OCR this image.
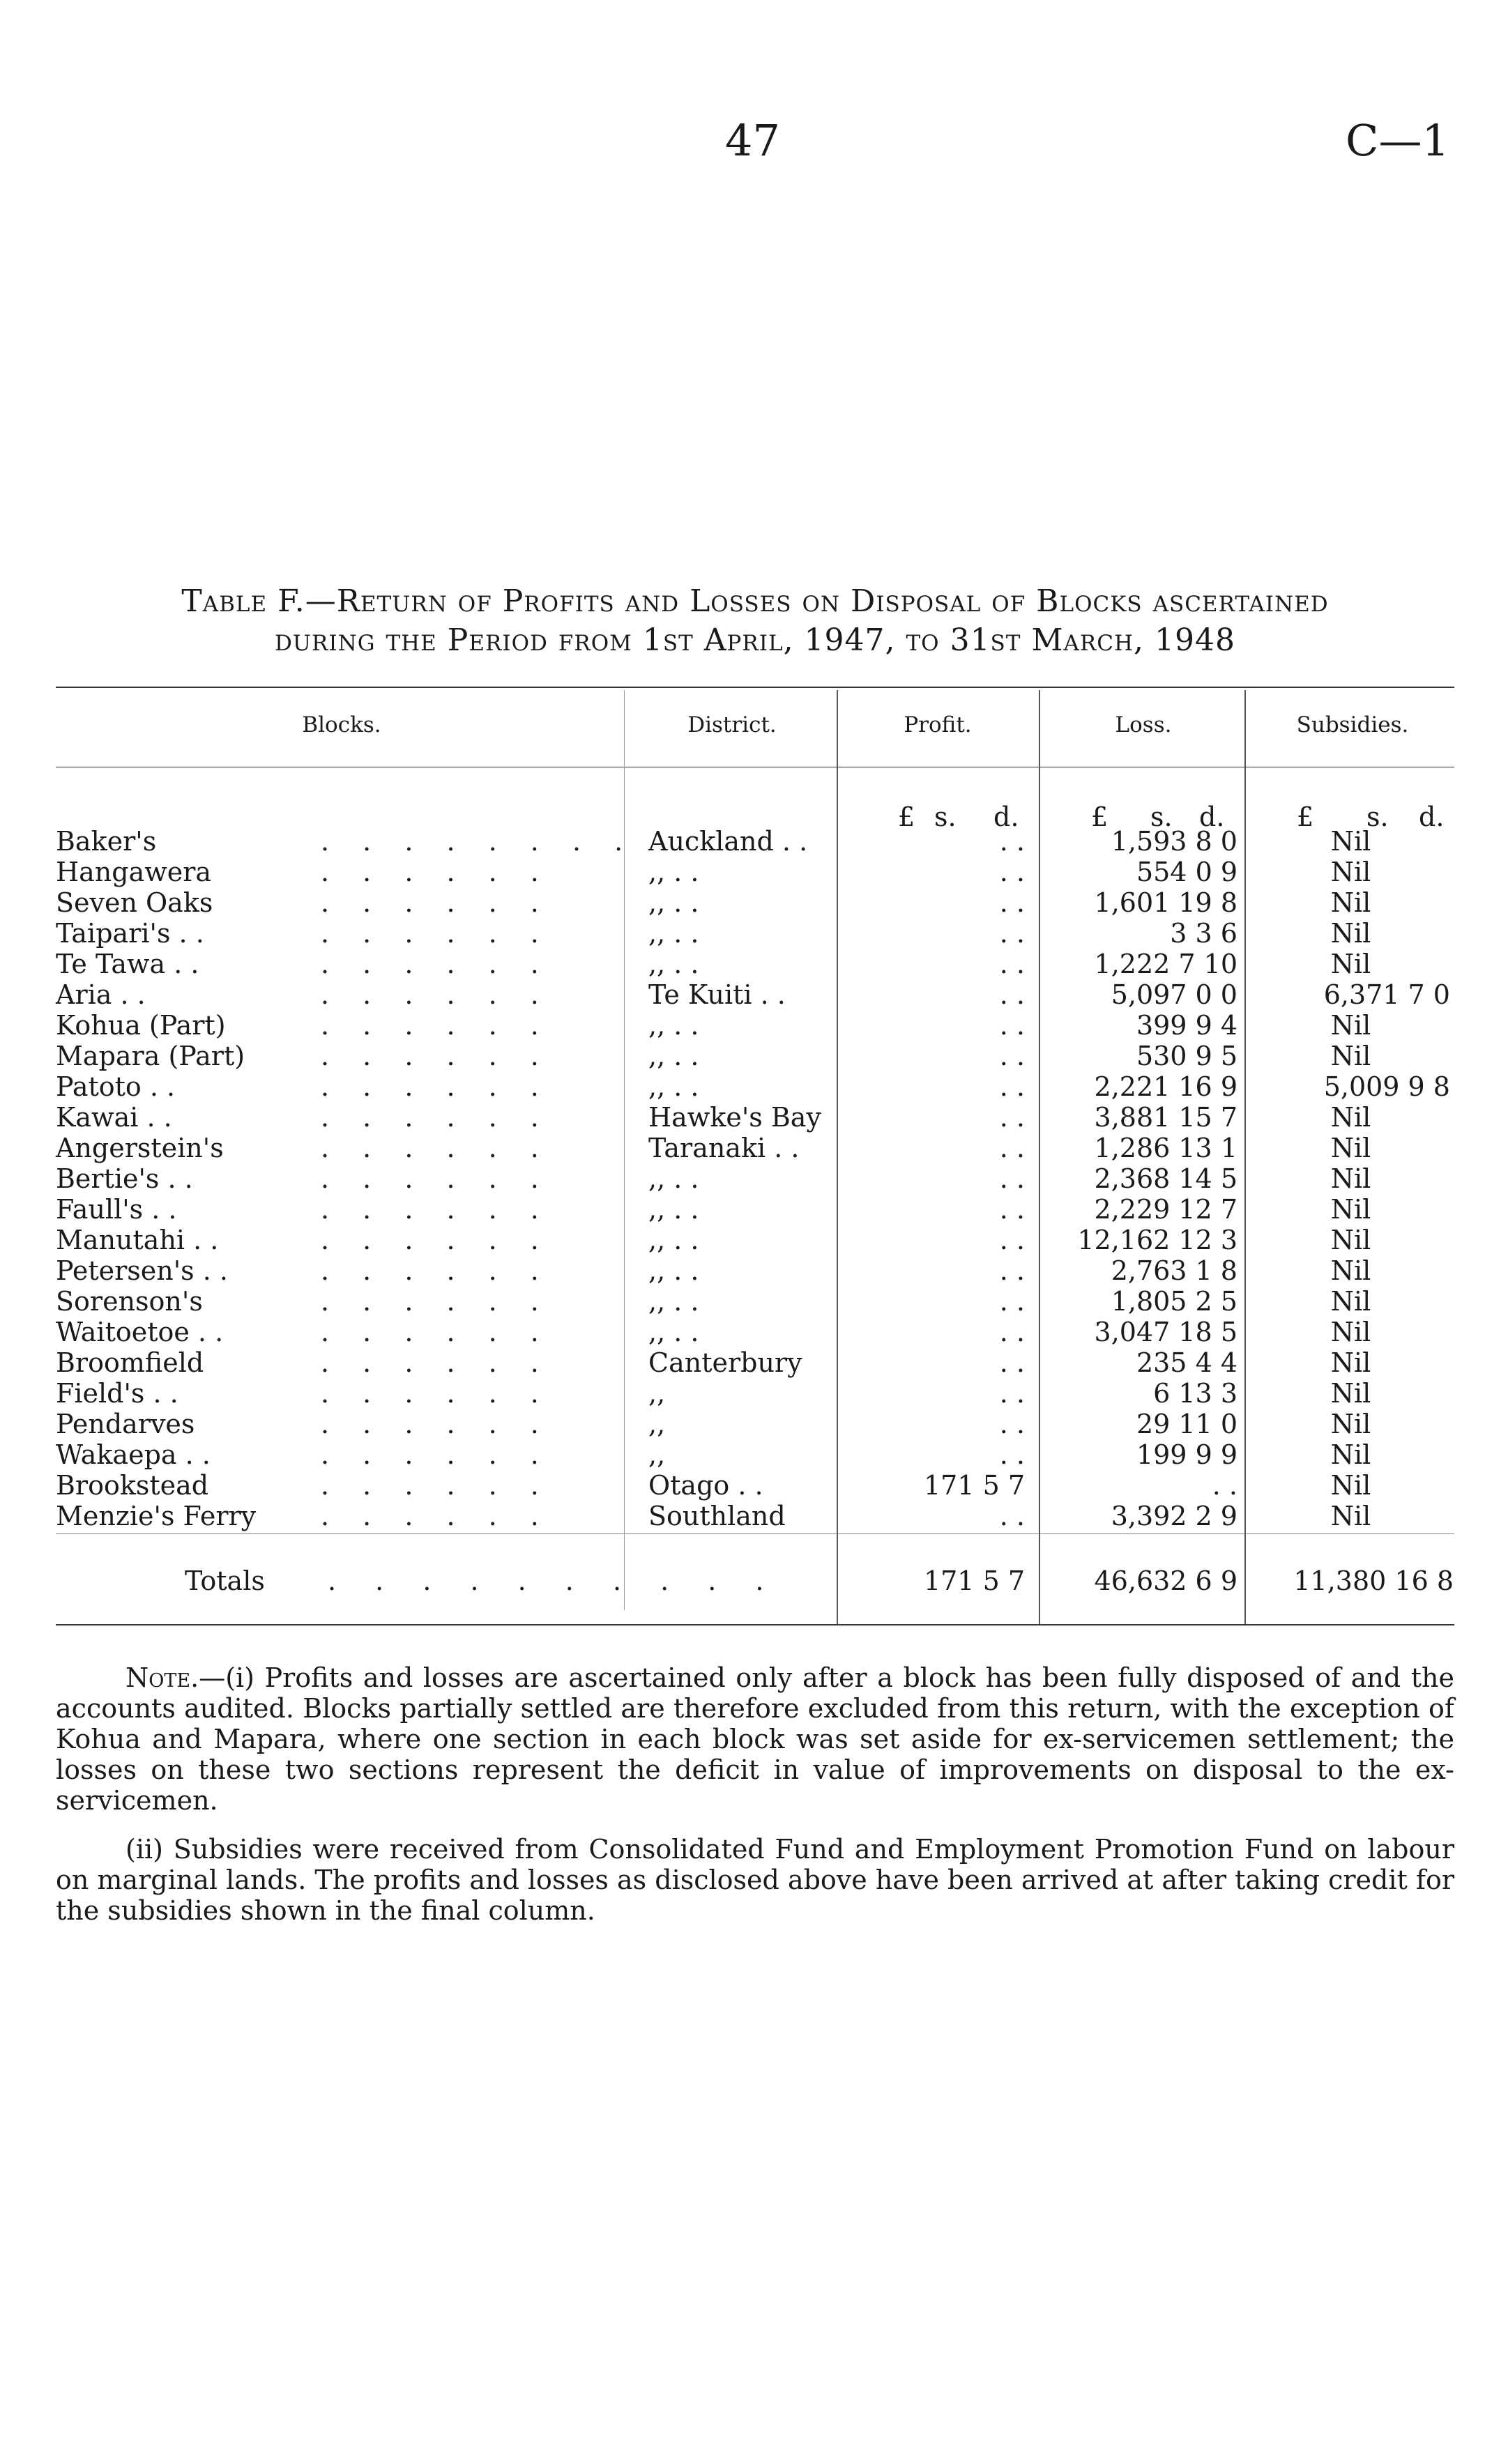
47	C—1
Table F.—Return of Profits and Losses on Disposal of Blocks ascertained
during the Period from 1st April, 1947, to 31st March, 1948
Blocks.	District.	Profit.	Loss.	Subsidies.
£ s. d.	£ s. d.	£ s. d.
Baker's	. . . . . . . . Auckland . .	. .	1,593 8 0	Nil
Hangawera	. . . . . .	,, . .	. .	554 0 9	Nil
Seven Oaks	. . . . . .	,, . .	. .	1,601 19 8	Nil
Taipari's . .	. . . . . .	,, . .	. .	3 3 6	Nil
Te Tawa . .	. . . . . .	,, . .	. .	1,222 7 10	Nil
Aria . .	. . . . . .	Te Kuiti . .	. .	5,097 0 0	6,371 7 0
Kohua (Part)	. . . . . .	,, . .	. .	399 9 4	Nil
Mapara (Part)	. . . . . .	,, . .	. .	530 9 5	Nil
Patoto . .	. . . . . .	,, . .	. .	2,221 16 9	5,009 9 8
Kawai . .	. . . . . .	Hawke's Bay	. .	3,881 15 7	Nil
Angerstein's	. . . . . .	Taranaki . .	. .	1,286 13 1	Nil
Bertie's . .	. . . . . .	,, . .	. .	2,368 14 5	Nil
Faull's . .	. . . . . .	,, . .	. .	2,229 12 7	Nil
Manutahi . .	. . . . . .	,, . .	. .	12,162 12 3	Nil
Petersen's . .	. . . . . .	,, . .	. .	2,763 1 8	Nil
Sorenson's	. . . . . .	,, . .	. .	1,805 2 5	Nil
Waitoetoe . .	. . . . . .	,, . .	. .	3,047 18 5	Nil
Broomfield	. . . . . .	Canterbury	. .	235 4 4	Nil
Field's . .	. . . . . .	,,	. .	6 13 3	Nil
Pendarves	. . . . . .	,,	. .	29 11 0	Nil
Wakaepa . .	. . . . . .	,,	. .	199 9 9	Nil
Brookstead	. . . . . .	Otago . .	171 5 7	. .	Nil
Menzie's Ferry . . . . . .	Southland	. .	3,392 2 9	Nil
Totals . . . . . . . . . .	171 5 7	46,632 6 9	11,380 16 8

Note.—(i) Profits and losses are ascertained only after a block has been fully disposed of and the accounts audited. Blocks partially settled are therefore excluded from this return, with the exception of Kohua and Mapara, where one section in each block was set aside for ex-servicemen settlement; the losses on these two sections represent the deficit in value of improvements on disposal to the ex-servicemen.

(ii) Subsidies were received from Consolidated Fund and Employment Promotion Fund on labour on marginal lands. The profits and losses as disclosed above have been arrived at after taking credit for the subsidies shown in the final column.
